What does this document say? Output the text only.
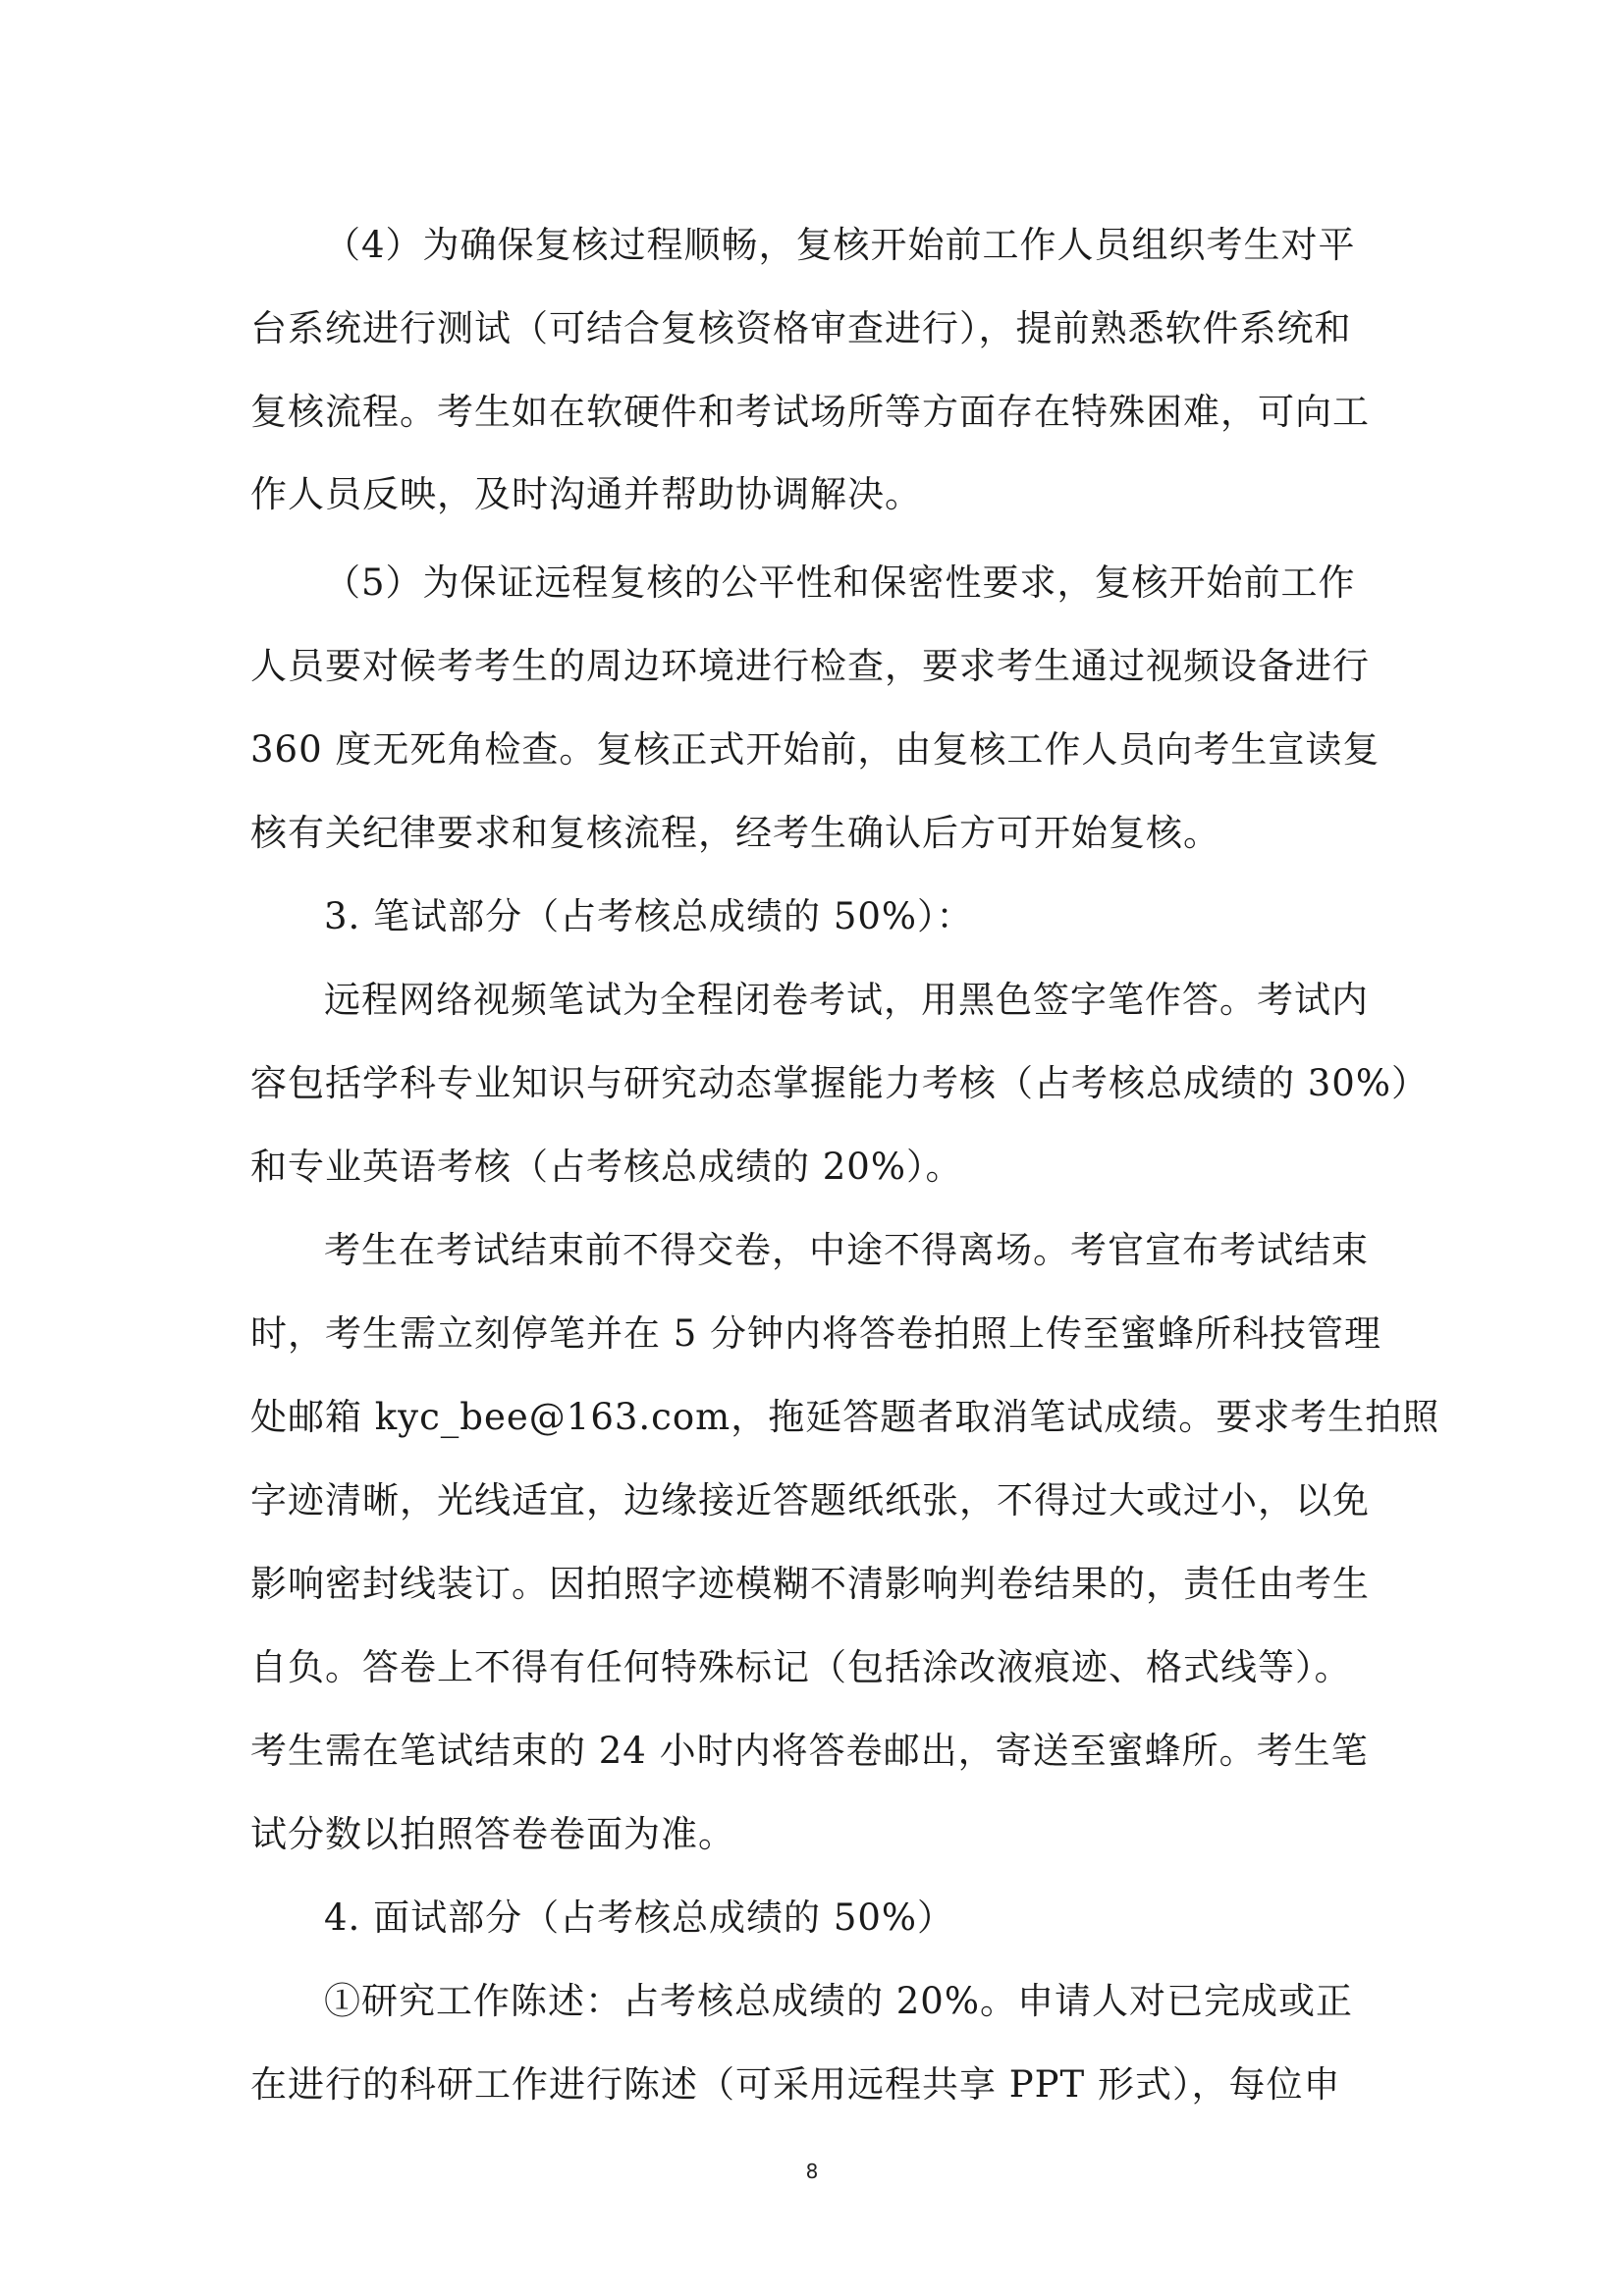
（4）为确保复核过程顺畅，复核开始前工作人员组织考生对平
台系统进行测试（可结合复核资格审查进行），提前熟悉软件系统和
复核流程。考生如在软硬件和考试场所等方面存在特殊困难，可向工
作人员反映，及时沟通并帮助协调解决。
（5）为保证远程复核的公平性和保密性要求，复核开始前工作
人员要对候考考生的周边环境进行检查，要求考生通过视频设备进行
360 度无死角检查。复核正式开始前，由复核工作人员向考生宣读复
核有关纪律要求和复核流程，经考生确认后方可开始复核。
3. 笔试部分（占考核总成绩的 50%）：
远程网络视频笔试为全程闭卷考试，用黑色签字笔作答。考试内
容包括学科专业知识与研究动态掌握能力考核（占考核总成绩的 30%）
和专业英语考核（占考核总成绩的 20%）。
考生在考试结束前不得交卷，中途不得离场。考官宣布考试结束
时，考生需立刻停笔并在 5 分钟内将答卷拍照上传至蜜蜂所科技管理
处邮箱 kyc_bee@163.com，拖延答题者取消笔试成绩。要求考生拍照
字迹清晰，光线适宜，边缘接近答题纸纸张，不得过大或过小，以免
影响密封线装订。因拍照字迹模糊不清影响判卷结果的，责任由考生
自负。答卷上不得有任何特殊标记（包括涂改液痕迹、格式线等）。
考生需在笔试结束的 24 小时内将答卷邮出，寄送至蜜蜂所。考生笔
试分数以拍照答卷卷面为准。
4. 面试部分（占考核总成绩的 50%）
①研究工作陈述：占考核总成绩的 20%。申请人对已完成或正
在进行的科研工作进行陈述（可采用远程共享 PPT 形式），每位申
8
